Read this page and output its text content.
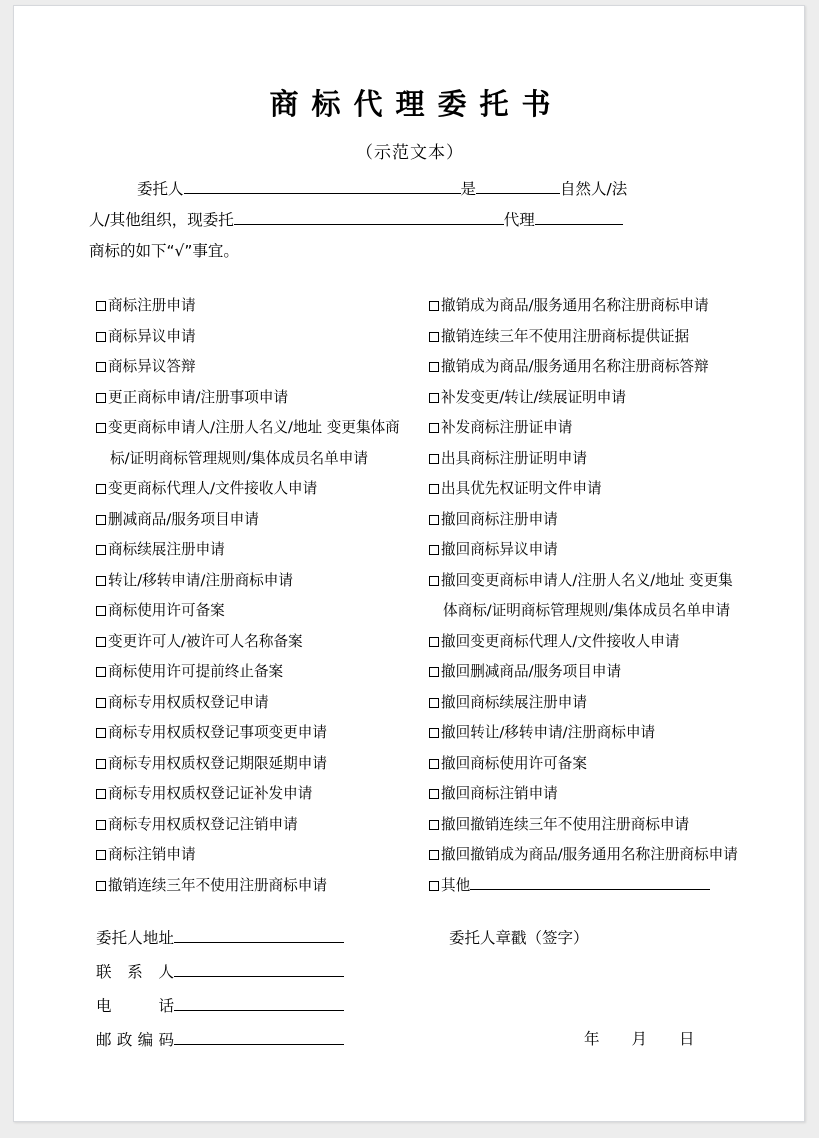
商标代理委托书
（示范文本）
委托人	是	自然人/法
人/其他组织，现委托	代理
商标的如下“√”事宜。
商标注册申请
商标异议申请
商标异议答辩
更正商标申请/注册事项申请
变更商标申请人/注册人名义/地址 变更集体商
标/证明商标管理规则/集体成员名单申请
变更商标代理人/文件接收人申请
删减商品/服务项目申请
商标续展注册申请
转让/移转申请/注册商标申请
商标使用许可备案
变更许可人/被许可人名称备案
商标使用许可提前终止备案
商标专用权质权登记申请
商标专用权质权登记事项变更申请
商标专用权质权登记期限延期申请
商标专用权质权登记证补发申请
商标专用权质权登记注销申请
商标注销申请
撤销连续三年不使用注册商标申请
撤销成为商品/服务通用名称注册商标申请
撤销连续三年不使用注册商标提供证据
撤销成为商品/服务通用名称注册商标答辩
补发变更/转让/续展证明申请
补发商标注册证申请
出具商标注册证明申请
出具优先权证明文件申请
撤回商标注册申请
撤回商标异议申请
撤回变更商标申请人/注册人名义/地址 变更集
体商标/证明商标管理规则/集体成员名单申请
撤回变更商标代理人/文件接收人申请
撤回删减商品/服务项目申请
撤回商标续展注册申请
撤回转让/移转申请/注册商标申请
撤回商标使用许可备案
撤回商标注销申请
撤回撤销连续三年不使用注册商标申请
撤回撤销成为商品/服务通用名称注册商标申请
其他
委托人地址
联系人
电话
邮政编码
委托人章戳（签字）
年 月 日
